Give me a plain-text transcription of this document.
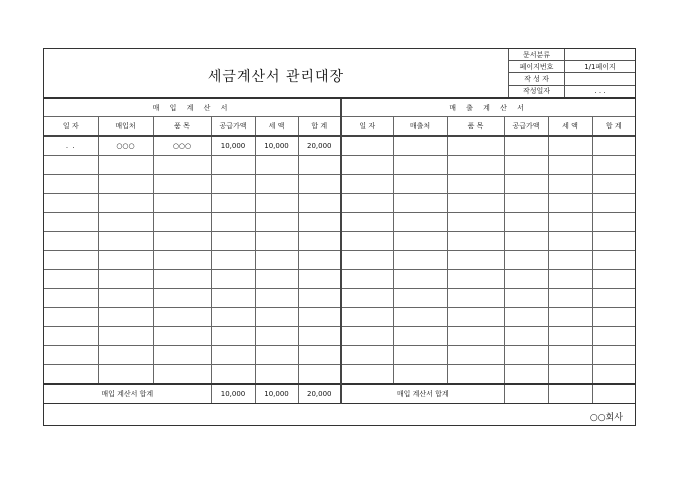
세금계산서 관리대장
문서분류	
페이지번호	1/1페이지
작 성 자	
작성일자	. . .
매 입 계 산 서						매 출 계 산 서					
일 자	매입처	품 목	공급가액	세 액	합 계	일 자	매출처	품 목	공급가액	세 액	합 계
. .	○○○	○○○	10,000	10,000	20,000						

매입 계산서 합계			10,000	10,000	20,000	매입 계산서 합계					
○○회사
